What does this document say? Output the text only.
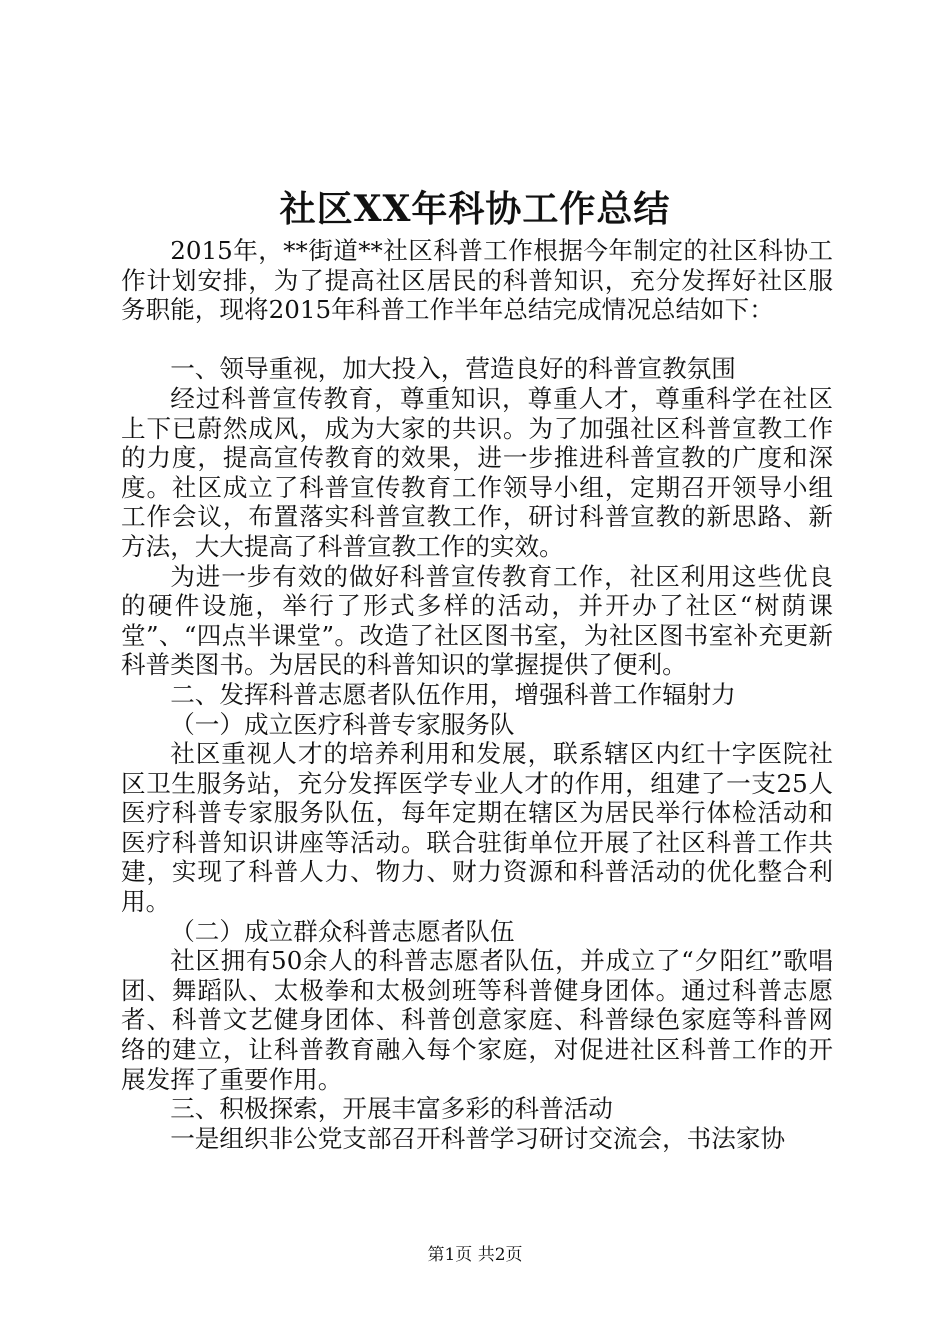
社区XX年科协工作总结

2015年，**街道**社区科普工作根据今年制定的社区科协工作计划安排，为了提高社区居民的科普知识，充分发挥好社区服务职能，现将2015年科普工作半年总结完成情况总结如下：

一、领导重视，加大投入，营造良好的科普宣教氛围

经过科普宣传教育，尊重知识，尊重人才，尊重科学在社区上下已蔚然成风，成为大家的共识。为了加强社区科普宣教工作的力度，提高宣传教育的效果，进一步推进科普宣教的广度和深度。社区成立了科普宣传教育工作领导小组，定期召开领导小组工作会议，布置落实科普宣教工作，研讨科普宣教的新思路、新方法，大大提高了科普宣教工作的实效。

为进一步有效的做好科普宣传教育工作，社区利用这些优良的硬件设施，举行了形式多样的活动，并开办了社区“树荫课堂”、“四点半课堂”。改造了社区图书室，为社区图书室补充更新科普类图书。为居民的科普知识的掌握提供了便利。

二、发挥科普志愿者队伍作用，增强科普工作辐射力

（一）成立医疗科普专家服务队

社区重视人才的培养利用和发展，联系辖区内红十字医院社区卫生服务站，充分发挥医学专业人才的作用，组建了一支25人医疗科普专家服务队伍，每年定期在辖区为居民举行体检活动和医疗科普知识讲座等活动。联合驻街单位开展了社区科普工作共建，实现了科普人力、物力、财力资源和科普活动的优化整合利用。

（二）成立群众科普志愿者队伍

社区拥有50余人的科普志愿者队伍，并成立了“夕阳红”歌唱团、舞蹈队、太极拳和太极剑班等科普健身团体。通过科普志愿者、科普文艺健身团体、科普创意家庭、科普绿色家庭等科普网络的建立，让科普教育融入每个家庭，对促进社区科普工作的开展发挥了重要作用。

三、积极探索，开展丰富多彩的科普活动

一是组织非公党支部召开科普学习研讨交流会，书法家协

第1页 共2页
